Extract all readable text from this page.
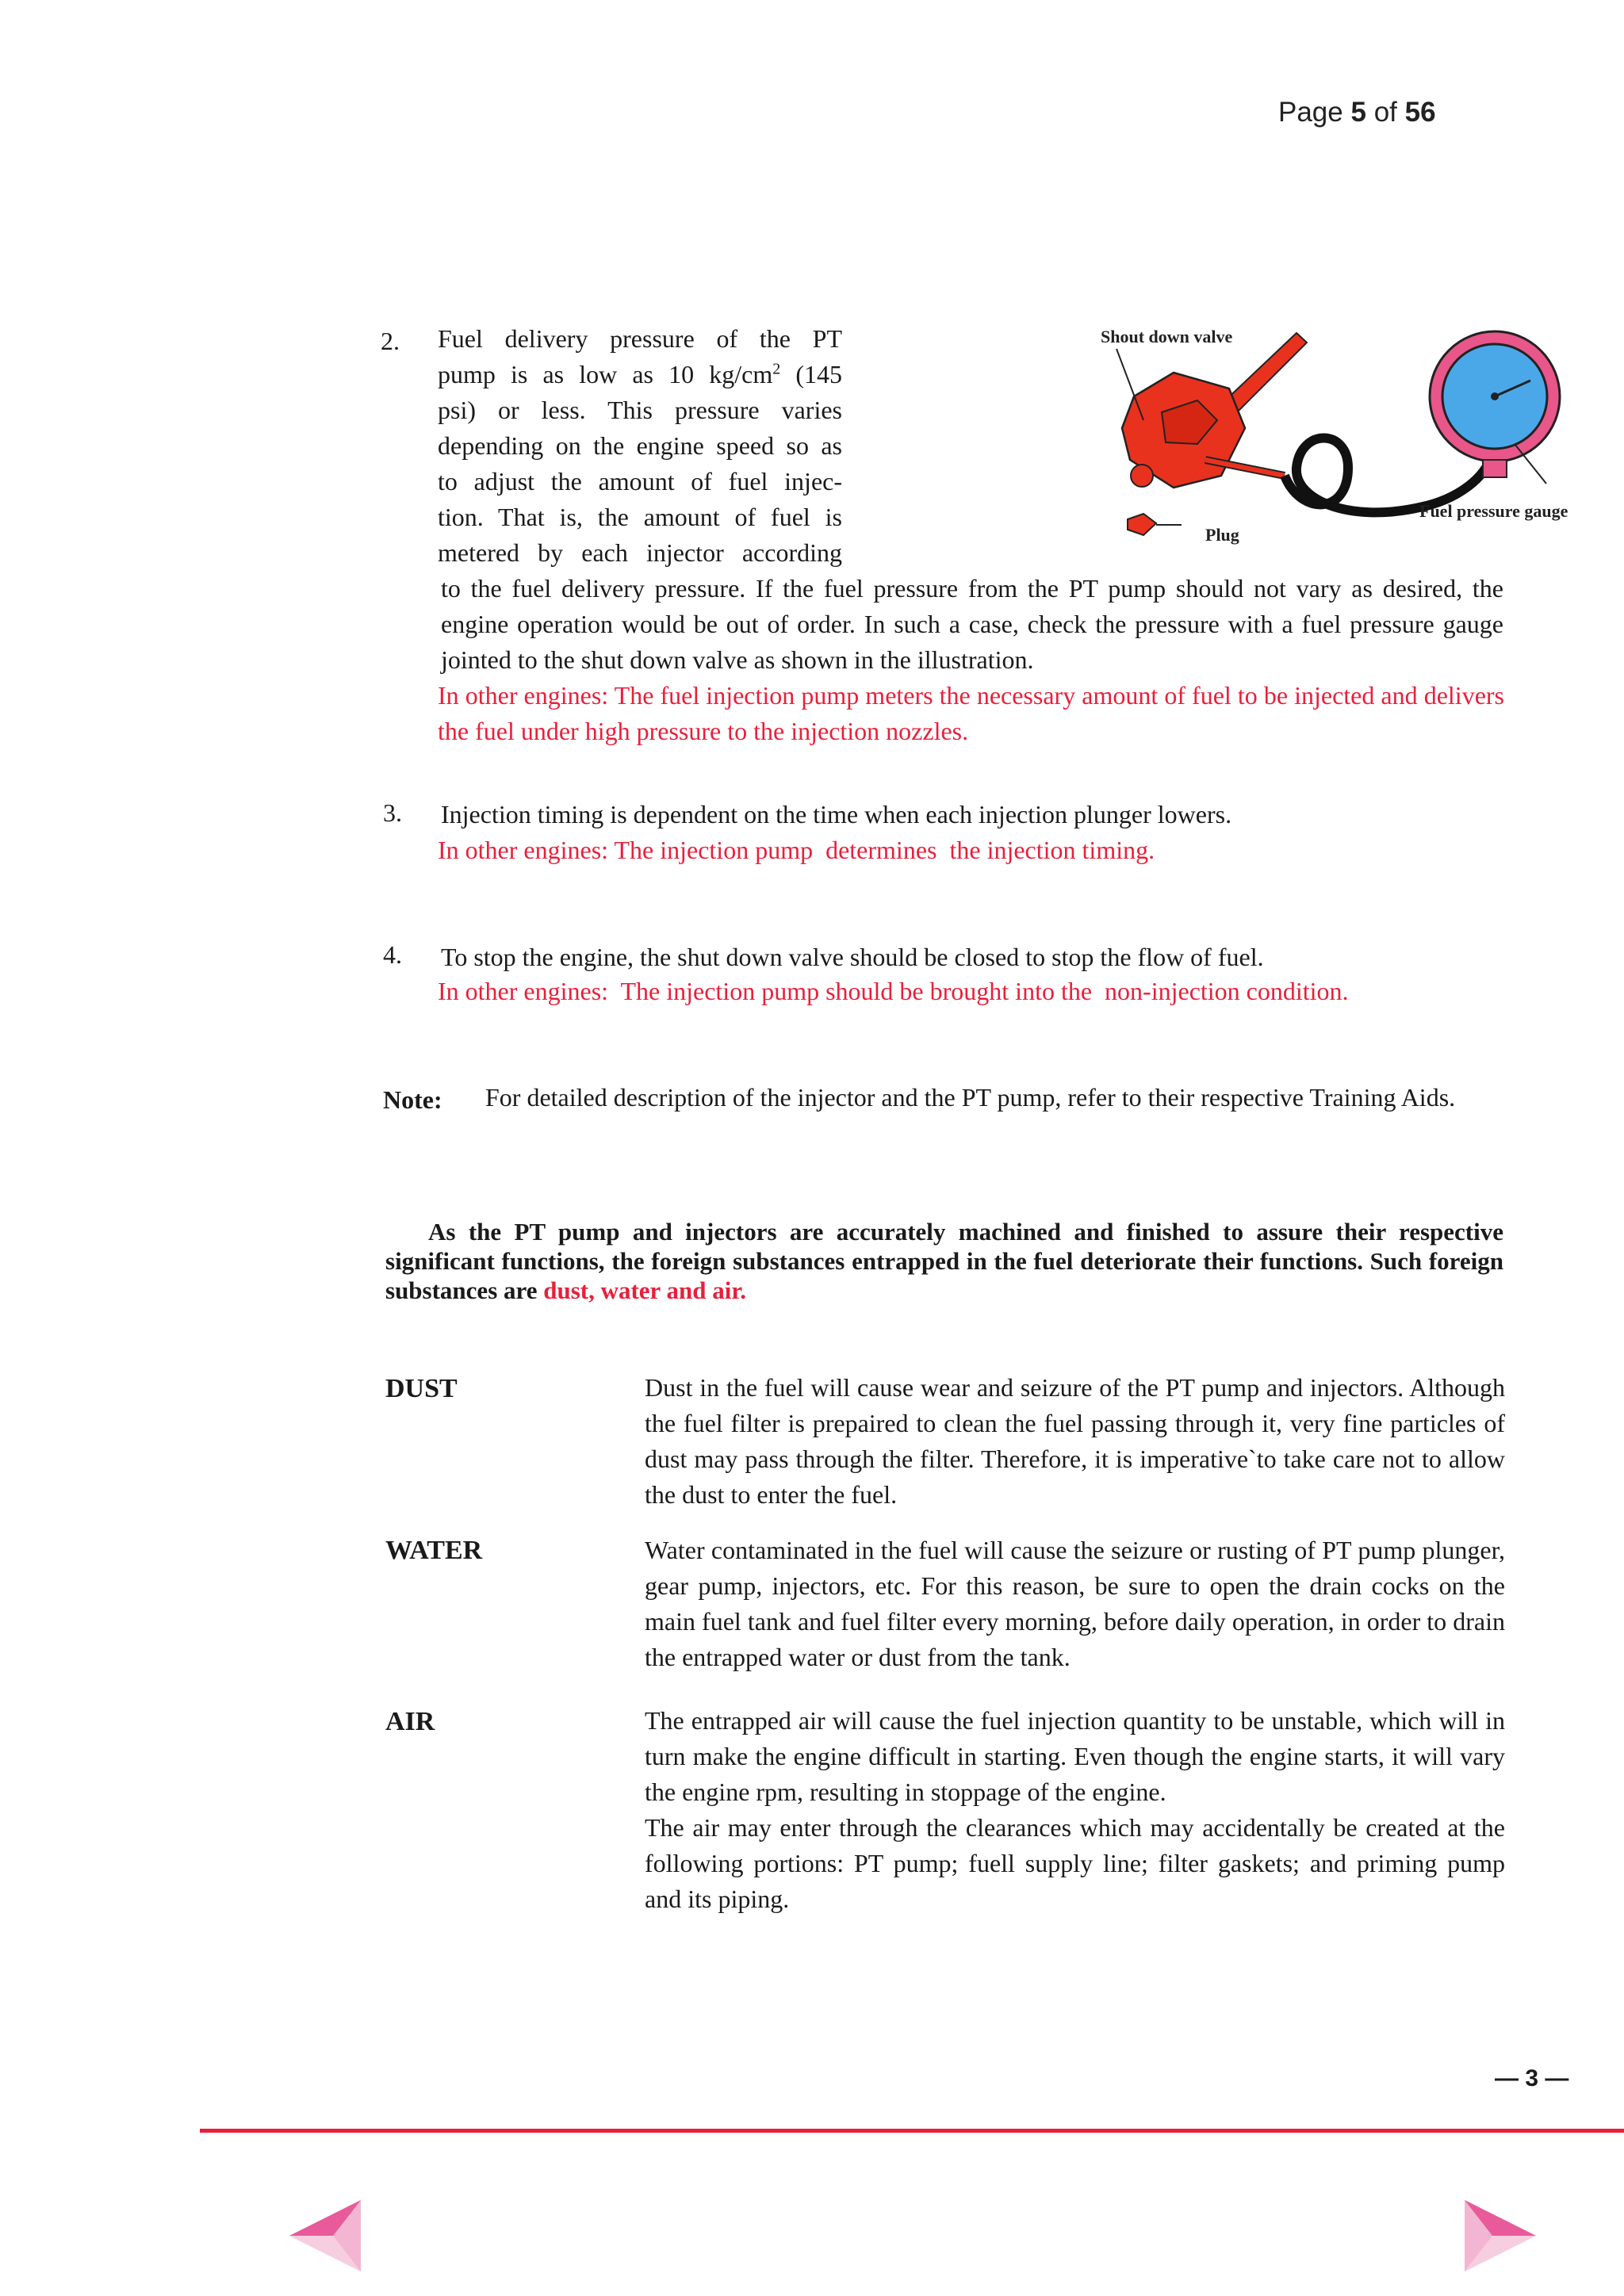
Page 5 of 56
Shout down valve
Fuel pressure gauge
Plug
2. Fuel delivery pressure of the PT
pump is as low as 10 $kg/cm^2$ (145
psi) or less. This pressure varies
depending on the engine speed so as
to adjust the amount of fuel injec-
tion. That is, the amount of fuel is
metered by each injector according
to the fuel delivery pressure. If the fuel pressure from the PT pump should not vary as desired, the engine operation would be out of order. In such a case, check the pressure with a fuel pressure gauge jointed to the shut down valve as shown in the illustration.
In other engines: The fuel injection pump meters the necessary amount of fuel to be injected and delivers the fuel under high pressure to the injection nozzles.
3. Injection timing is dependent on the time when each injection plunger lowers.
In other engines: The injection pump  determines  the injection timing.
4. To stop the engine, the shut down valve should be closed to stop the flow of fuel.
In other engines:  The injection pump should be brought into the  non-injection condition.
Note: For detailed description of the injector and the PT pump, refer to their respective Training Aids.
As the PT pump and injectors are accurately machined and finished to assure their respective significant functions, the foreign substances entrapped in the fuel deteriorate their functions. Such foreign substances are dust, water and air.
DUST	Dust in the fuel will cause wear and seizure of the PT pump and injectors. Although the fuel filter is prepaired to clean the fuel passing through it, very fine particles of dust may pass through the filter. Therefore, it is imperative`to take care not to allow the dust to enter the fuel.
WATER	Water contaminated in the fuel will cause the seizure or rusting of PT pump plunger, gear pump, injectors, etc. For this reason, be sure to open the drain cocks on the main fuel tank and fuel filter every morning, before daily operation, in order to drain the entrapped water or dust from the tank.
AIR	The entrapped air will cause the fuel injection quantity to be unstable, which will in turn make the engine difficult in starting. Even though the engine starts, it will vary the engine rpm, resulting in stoppage of the engine.
The air may enter through the clearances which may accidentally be created at the following portions: PT pump; fuell supply line; filter gaskets; and priming pump and its piping.
— 3 —
